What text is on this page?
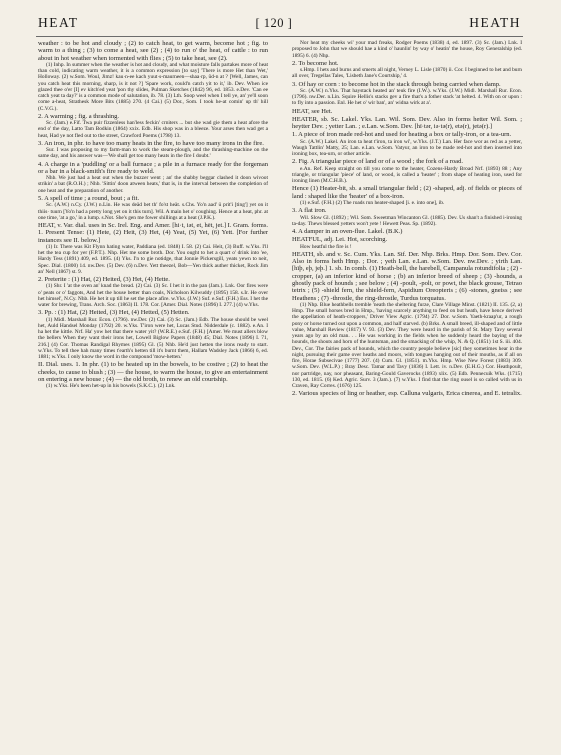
HEAT	[ 120 ]	HEATH

weather : to be hot and cloudy ; (2) to catch heat, to get warm, become hot ; fig. to warm to a thing ; (3) to come a heat, see (2) ; (4) to run o' the heat, of cattle : to run about in hot weather when tormented with flies ; (5) to take heat, see (2).

(1) Inhp. In summer when the weather is hot and cloudy, and what moisture falls partakes more of heat than cold, indicating warm weather, it is a common expression [to say] 'There is more Het than Wet,' Holloway. (2) w.Som. Woul, Jimz! kau·n-ee kach yuut·s-maurneen—shaa·rp, ûd-n at ? [Well, James, can you catch heat this morning, sharp, is it not ?] 'Spare work, could'n catch yit to it,' ib. Dev. When ice glazed thee o'er [I] ev kitch'ed yeat 'pon thy slides, Pulman Sketches (1842) 96, ed. 1853. e.Dev. 'Can ee catch yeat ta day?' is a common mode of salutation, ib. 78. (3) Lth. Soop weel when I tell ye, an' ye'll soon come a-heat, Strathesk More Bits (1885) 270. (4 Cai.) (5) Dor., Som. I took he-at comin' up th' hill (C.V.G.).

2. A warming ; fig. a thrashing.

Sc. (Jam.) e.Fif. Twa puir fizzenless han'less feckin' crniters ... but she wad gie them a heat afore the end o' the day, Latto Tam Bodkin (1864) xxix. Edb. His shop was in a bleeze. Your arses then wad get a heat, Had ye not fled out to the street, Crawford Poems (1798) 13.

3. An iron, in phr. to have too many heats in the fire, to have too many irons in the fire.

Sur. I was proposing to my farm-man to work the steam-plough, and the thrashing-machine on the same day, and his answer was—'We shall get too many heats in the fire I doubt.'

4. A charge in a 'puddling' or a ball furnace ; a pile in a furnace ready for the forgeman or a bar in a black-smith's fire ready to weld.

Nhb. We just had a heat out when the buzzer went ; an' the shabby beggar clashed it doon wivoot strikin' a bat (R.O.H.) ; Nhb. 'Sittin' doon atween heats,' that is, in the interval between the completion of one heat and the preparation of another.

5. A spell of time ; a round, bout ; a fit.

Sc. (A.W.) n.Cy. (J.W.) n.Lin. He was deäd bet th' fo'st heät. s.Chs. Yo'n aad' ü prit'i [ting'] yet on it thiis· tuurn [Yo'n had a pretty long yet on it this turn]. Wil. A main het o' coughing. Hence at a heat, phr. at one time, 'at a go,' in a lump. s.Not. She's gen me fower shillings at a heat (J.P.K.).

HEAT, v. Var. dial. uses in Sc. Irel. Eng. and Amer. [hi·t, iət, et, hēt, jet.] I. Gram. forms. 1. Present Tense: (1) Hete, (2) Heit, (3) Het, (4) Yeat, (5) Yet, (6) Yett. [For further instances see II. below.]

(1) Ir. There was Kit Flynn hating water, Paddiana (ed. 1848) I. 58. (2) Cai. Heit, (3) Buff. w.Yks. I'll het the tea cup for yer (F.P.T.). Nhp. Het me some broth. Dor. You ought to het a quart o' drink into 'ee, Hardy Tess (1891) 409, ed. 1895. (4) Yks. I'n to gie notidge, that Jonnie Pickersgill, yeats yewn to neit, Spec. Dial. (1800) 14. nw.Dev. (5) Dev. (6) n.Dev. Yett theezel, Bob—Yen thick auther thicket, Rock Jim an' Nell (1867) st. 9.

2. Preterite : (1) Hat, (2) Heited, (3) Het, (4) Hette.

(1) Shr. I 'at the oven an' knad the bread. (2) Cai. (3) Sc. I het it in the pan (Jam.). Lnk. Oor fires were o' peats or o' faggots, And het the house better than coals, Nicholson Kilwuddy (1895) 158. s.Ir. He over het himsel', N.Cy. Nhb. He het it up till he set the place afire. w.Yks. (J.W.) Suf. e.Suf. (F.H.) Ess. I het the water for brewing, Trans. Arch. Soc. (1863) II. 178. Cor. [Amer. Dial. Notes (1896) I. 277.] (4) w.Yks.

3. Pp. : (1) Hat, (2) Heited, (3) Het, (4) Hetted, (5) Hetten.

(1) Midl. Marshall Rur. Econ. (1796). nw.Der. (2) Cai. (3) Sc. (Jam.) Edb. The house should be weel het, Auld Handsel Monday (1792) 20. w.Yks. T'iron were het, Lucas Stud. Nidderdale (c. 1882). e.An. I ha het the kittle. Nrf. Ha' yow het that there water yit? (W.R.E.) e.Suf. (F.H.) [Amer. We must allers blow the bellers When they want their irons het, Lowell Biglow Papers (1848) 45; Dial. Notes (1896) I. 71, 216.] (4) Cor. Thomas Randigal Rhymes (1895) Gl. (5) Nhb. He'd just hetten the irons ready to start. w.Yks. To tell thee hah many times t'earth's hetten till it's burnt them, Hallam Wadsley Jack (1866) 6, ed. 1881; w.Yks. I only know the word in the compound 'mow-hetten.'

II. Dial. uses. 1. In phr. (1) to be heated up in the bowels, to be costive ; (2) to heat the cheeks, to cause to blush ; (3) — the house, to warm the house, to give an entertainment on entering a new house ; (4) — the old broth, to renew an old courtship.

(1) w.Yks. He's been het-up in his bowels (S.K.C.). (2) Lnk.

Nor heat my cheeks wi' your mad freaks, Rodger Poems (1838) 4, ed. 1897. (3) Sc. (Jam.) Lnk. I proposed to John that we should hae a kind o' haunlin' by way o' heatin' the house, Roy Generalship (ed. 1895) 6. (4) Nhp.

2. To become hot.

s.Hmp. I hets and burns and smerts all night, Verney L. Lisle (1870) ii. Cor. I beginned to het and burn all over, Tregellas Tales, 'Lisbeth Jane's Courtship,' 4.

3. Of hay or corn : to become hot in the stack through being carried when damp.

Sc. (A.W.) n.Yks. That haystack heated an' teuk fire (I.W.). w.Yks. (J.W.) Midl. Marshall Rur. Econ. (1796). nw.Der. n.Lin. Squire Hellis's stacks gev a fire that's a fother stack 'at helted. 4. With on or upon : to fly into a passion. Enl. He het o' wir ban', an' widna wirk at a'.

HEAT, see Het.

HEATER, sb. Sc. Lakel. Yks. Lan. Wil. Som. Dev. Also in forms hetter Wil. Som. ; heytter Dev. ; yetter Lan. ; e.Lan. w.Som. Dev. [hī·tər, iə·tə(r), etə(r), jetə(r).]

1. A piece of iron made red-hot and used for heating a box or tally-iron, or a tea-urn.

Sc. (A.W.) Lakel. An iron ta heat t'iron, ta iron wi', w.Yks. (J.T.) Lan. Her face wor as red as a yetter, Waugh Tattlin' Matty, 25; Lan. e.Lan. w.Som. Vatyur, an iron to be made red-hot and then inserted into ironing box, tea-urn, or other article.

2. Fig. A triangular piece of land or of a wood ; the fork of a road.

e.An. Ref. Keep straight on till you come to the heater, Cozens-Hardy Broad Nrf. (1893) 88 ; Any triangle, or triangular 'piece' of land, or wood, is called a 'heater' ; from shape of heating iron, used for ironing linen (M.C.H.B.).

Hence (1) Heater-bit, sb. a small triangular field ; (2) -shaped, adj. of fields or pieces of land : shaped like the 'heater' of a box-iron.

(1) e.Suf. (F.H.) (2) The roads run heater-shaped [i. e. into one], ib.

3. A flat iron.

Wil. Slow Gl. (1892) ; Wil. Som. Sweetman Wincanton Gl. (1885). Dev. Us shan't a finished i-ironing ta-day. Thews blessed yetters won't yete ! Hewett Peas. Sp. (1892).

4. A damper in an oven-flue. Lakel. (B.K.)

HEATFUL, adj. Lei. Hot, scorching.

How heatful the fire is !

HEATH, sb. and v. Sc. Cum. Yks. Lan. Stf. Der. Nhp. Brks. Hmp. Dor. Som. Dev. Cor. Also in forms heth Hmp. ; Dor. ; yeth Lan. e.Lan. w.Som. Dev. nw.Dev. ; yirth Lan. [hīþ, eþ, jeþ.] 1. sb. In comb. (1) Heath-bell, the harebell, Campanula rotundifolia ; (2) -cropper, (a) an inferior kind of horse ; (b) an inferior breed of sheep ; (3) -hounds, a ghostly pack of hounds ; see below ; (4) -poult, -polt, or powt, the black grouse, Tetrao tetrix ; (5) -shield fern, the shield-fern, Aspidium Oreopteris ; (6) -stones, gneiss ; see Heathens ; (7) -throstle, the ring-throstle, Turdus torquatus.

(1) Nhp. Blue heathbells tremble 'neath the sheltering furze, Clare Village Minst. (1821) II. 135. (2, a) Hmp. The small horses bred in Hmp., 'having scarcely anything to feed on but heath, have hence derived the appellation of heath-croppers,' Driver View Agric. (1794) 27. Dor. w.Som. Yaeth-kraap'ur, a rough pony or horse turned out upon a common, and half starved. (b) Brks. A small breed, ill-shaped and of little value, Marshall Review (1817) V. 93. (3) Dev. They were heard in the parish of St. Mary Tavy several years ago by an old man. . . He was working in the fields when he suddenly heard the baying of the hounds, the shouts and horn of the huntsman, and the smacking of the whip, N. & Q. (1851) 1st S. iii. 404. Dev., Cor. The fairies pack of hounds, which the country people believe [sic] they sometimes hear in the night, pursuing their game over heaths and moors, with tongues hanging out of their mouths, as if all on fire, Horae Subsecivae (1777) 207. (4) Cum. Gl. (1851). m.Yks. Hmp. Wise New Forest (1883) 309. w.Som. Dev. (W.L.P.) ; Bray Desc. Tamar and Tavy (1836) I. Lett. iv. n.Dev. (E.H.G.) Cor. Heathpoult, nor partridge, nay, nor pheasant, Baring-Gould Gaverocks (1893) xlix. (5) Edb. Pennecuik Wks. (1715) 130, ed. 1815. (6) Ked. Agric. Surv. 3 (Jam.). (7) w.Yks. I find that the ring ousel is so called with us in Craven, Ray Corres. (1676) 125.

2. Various species of ling or heather, esp. Calluna vulgaris, Erica cinerea, and E. tetralix.
